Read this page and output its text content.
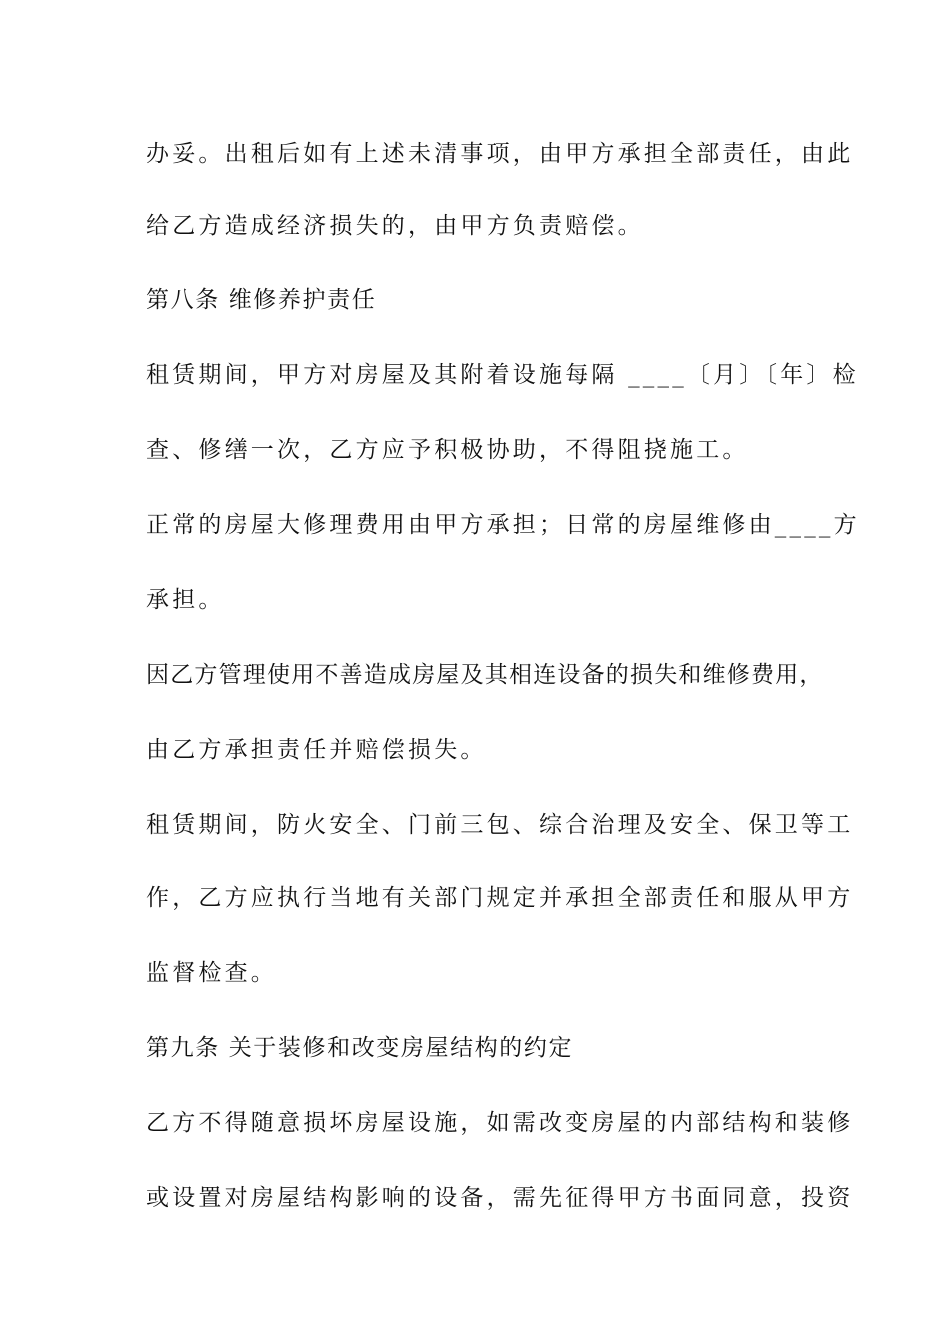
办妥。出租后如有上述未清事项，由甲方承担全部责任，由此

给乙方造成经济损失的，由甲方负责赔偿。

第八条 维修养护责任

租赁期间，甲方对房屋及其附着设施每隔 ____〔月〕〔年〕检

查、修缮一次，乙方应予积极协助，不得阻挠施工。

正常的房屋大修理费用由甲方承担；日常的房屋维修由____方

承担。

因乙方管理使用不善造成房屋及其相连设备的损失和维修费用，

由乙方承担责任并赔偿损失。

租赁期间，防火安全、门前三包、综合治理及安全、保卫等工

作，乙方应执行当地有关部门规定并承担全部责任和服从甲方

监督检查。

第九条 关于装修和改变房屋结构的约定

乙方不得随意损坏房屋设施，如需改变房屋的内部结构和装修

或设置对房屋结构影响的设备，需先征得甲方书面同意，投资
